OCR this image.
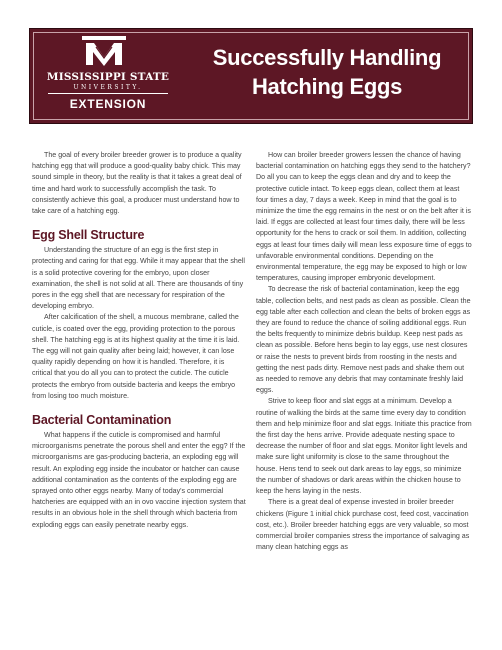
MISSISSIPPI STATE
UNIVERSITY.
EXTENSION
Successfully Handling
Hatching Eggs

The goal of every broiler breeder grower is to produce a quality hatching egg that will produce a good-quality baby chick. This may sound simple in theory, but the reality is that it takes a great deal of time and hard work to successfully accomplish the task. To consistently achieve this goal, a producer must understand how to take care of a hatching egg.

Egg Shell Structure

Understanding the structure of an egg is the first step in protecting and caring for that egg. While it may appear that the shell is a solid protective covering for the embryo, upon closer examination, the shell is not solid at all. There are thousands of tiny pores in the egg shell that are necessary for respiration of the developing embryo.

After calcification of the shell, a mucous membrane, called the cuticle, is coated over the egg, providing protection to the porous shell. The hatching egg is at its highest quality at the time it is laid. The egg will not gain quality after being laid; however, it can lose quality rapidly depending on how it is handled. Therefore, it is critical that you do all you can to protect the cuticle. The cuticle protects the embryo from outside bacteria and keeps the embryo from losing too much moisture.

Bacterial Contamination

What happens if the cuticle is compromised and harmful microorganisms penetrate the porous shell and enter the egg? If the microorganisms are gas-producing bacteria, an exploding egg will result. An exploding egg inside the incubator or hatcher can cause additional contamination as the contents of the exploding egg are sprayed onto other eggs nearby. Many of today's commercial hatcheries are equipped with an in ovo vaccine injection system that results in an obvious hole in the shell through which bacteria from exploding eggs can easily penetrate nearby eggs.

How can broiler breeder growers lessen the chance of having bacterial contamination on hatching eggs they send to the hatchery? Do all you can to keep the eggs clean and dry and to keep the protective cuticle intact. To keep eggs clean, collect them at least four times a day, 7 days a week. Keep in mind that the goal is to minimize the time the egg remains in the nest or on the belt after it is laid. If eggs are collected at least four times daily, there will be less opportunity for the hens to crack or soil them. In addition, collecting eggs at least four times daily will mean less exposure time of eggs to unfavorable environmental conditions. Depending on the environmental temperature, the egg may be exposed to high or low temperatures, causing improper embryonic development.

To decrease the risk of bacterial contamination, keep the egg table, collection belts, and nest pads as clean as possible. Clean the egg table after each collection and clean the belts of broken eggs as they are found to reduce the chance of soiling additional eggs. Run the belts frequently to minimize debris buildup. Keep nest pads as clean as possible. Before hens begin to lay eggs, use nest closures or raise the nests to prevent birds from roosting in the nests and getting the nest pads dirty. Remove nest pads and shake them out as needed to remove any debris that may contaminate freshly laid eggs.

Strive to keep floor and slat eggs at a minimum. Develop a routine of walking the birds at the same time every day to condition them and help minimize floor and slat eggs. Initiate this practice from the first day the hens arrive. Provide adequate nesting space to decrease the number of floor and slat eggs. Monitor light levels and make sure light uniformity is close to the same throughout the house. Hens tend to seek out dark areas to lay eggs, so minimize the number of shadows or dark areas within the chicken house to keep the hens laying in the nests.

There is a great deal of expense invested in broiler breeder chickens (Figure 1 initial chick purchase cost, feed cost, vaccination cost, etc.). Broiler breeder hatching eggs are very valuable, so most commercial broiler companies stress the importance of salvaging as many clean hatching eggs as
